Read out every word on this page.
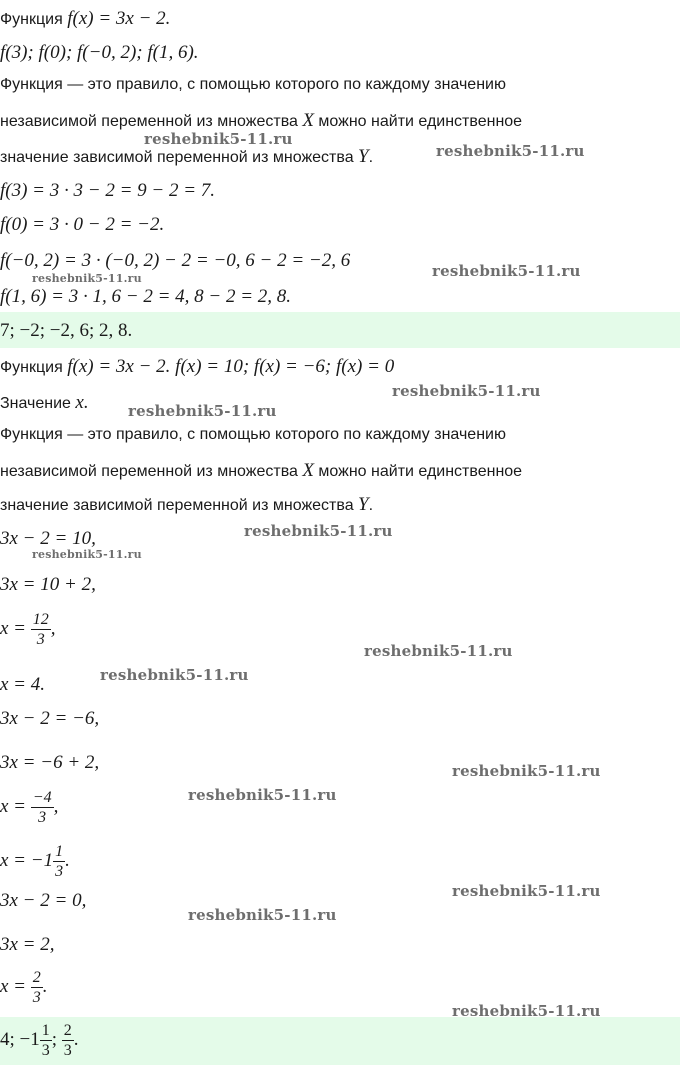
Функция f(x) = 3x − 2.
f(3); f(0); f(−0, 2); f(1, 6).
Функция — это правило, с помощью которого по каждому значению
независимой переменной из множества X можно найти единственное
значение зависимой переменной из множества Y.
f(3) = 3 · 3 − 2 = 9 − 2 = 7.
f(0) = 3 · 0 − 2 = −2.
f(−0, 2) = 3 · (−0, 2) − 2 = −0, 6 − 2 = −2, 6
f(1, 6) = 3 · 1, 6 − 2 = 4, 8 − 2 = 2, 8.
7; −2; −2, 6; 2, 8.
Функция f(x) = 3x − 2. f(x) = 10; f(x) = −6; f(x) = 0
Значение x.
Функция — это правило, с помощью которого по каждому значению
независимой переменной из множества X можно найти единственное
значение зависимой переменной из множества Y.
3x − 2 = 10,
3x = 10 + 2,
$x = \frac{12}{3}$ ,
x = 4.
3x − 2 = −6,
3x = −6 + 2,
$x = \frac{-4}{3}$ ,
$x = -1 \frac{1}{3}$ .
3x − 2 = 0,
3x = 2,
$x = \frac{2}{3}$ .
4; $-1 \frac{1}{3}$ ; $\frac{2}{3}$ .
reshebnik5-11.ru
reshebnik5-11.ru
reshebnik5-11.ru
reshebnik5-11.ru
reshebnik5-11.ru
reshebnik5-11.ru
reshebnik5-11.ru
reshebnik5-11.ru
reshebnik5-11.ru
reshebnik5-11.ru
reshebnik5-11.ru
reshebnik5-11.ru
reshebnik5-11.ru
reshebnik5-11.ru
reshebnik5-11.ru
